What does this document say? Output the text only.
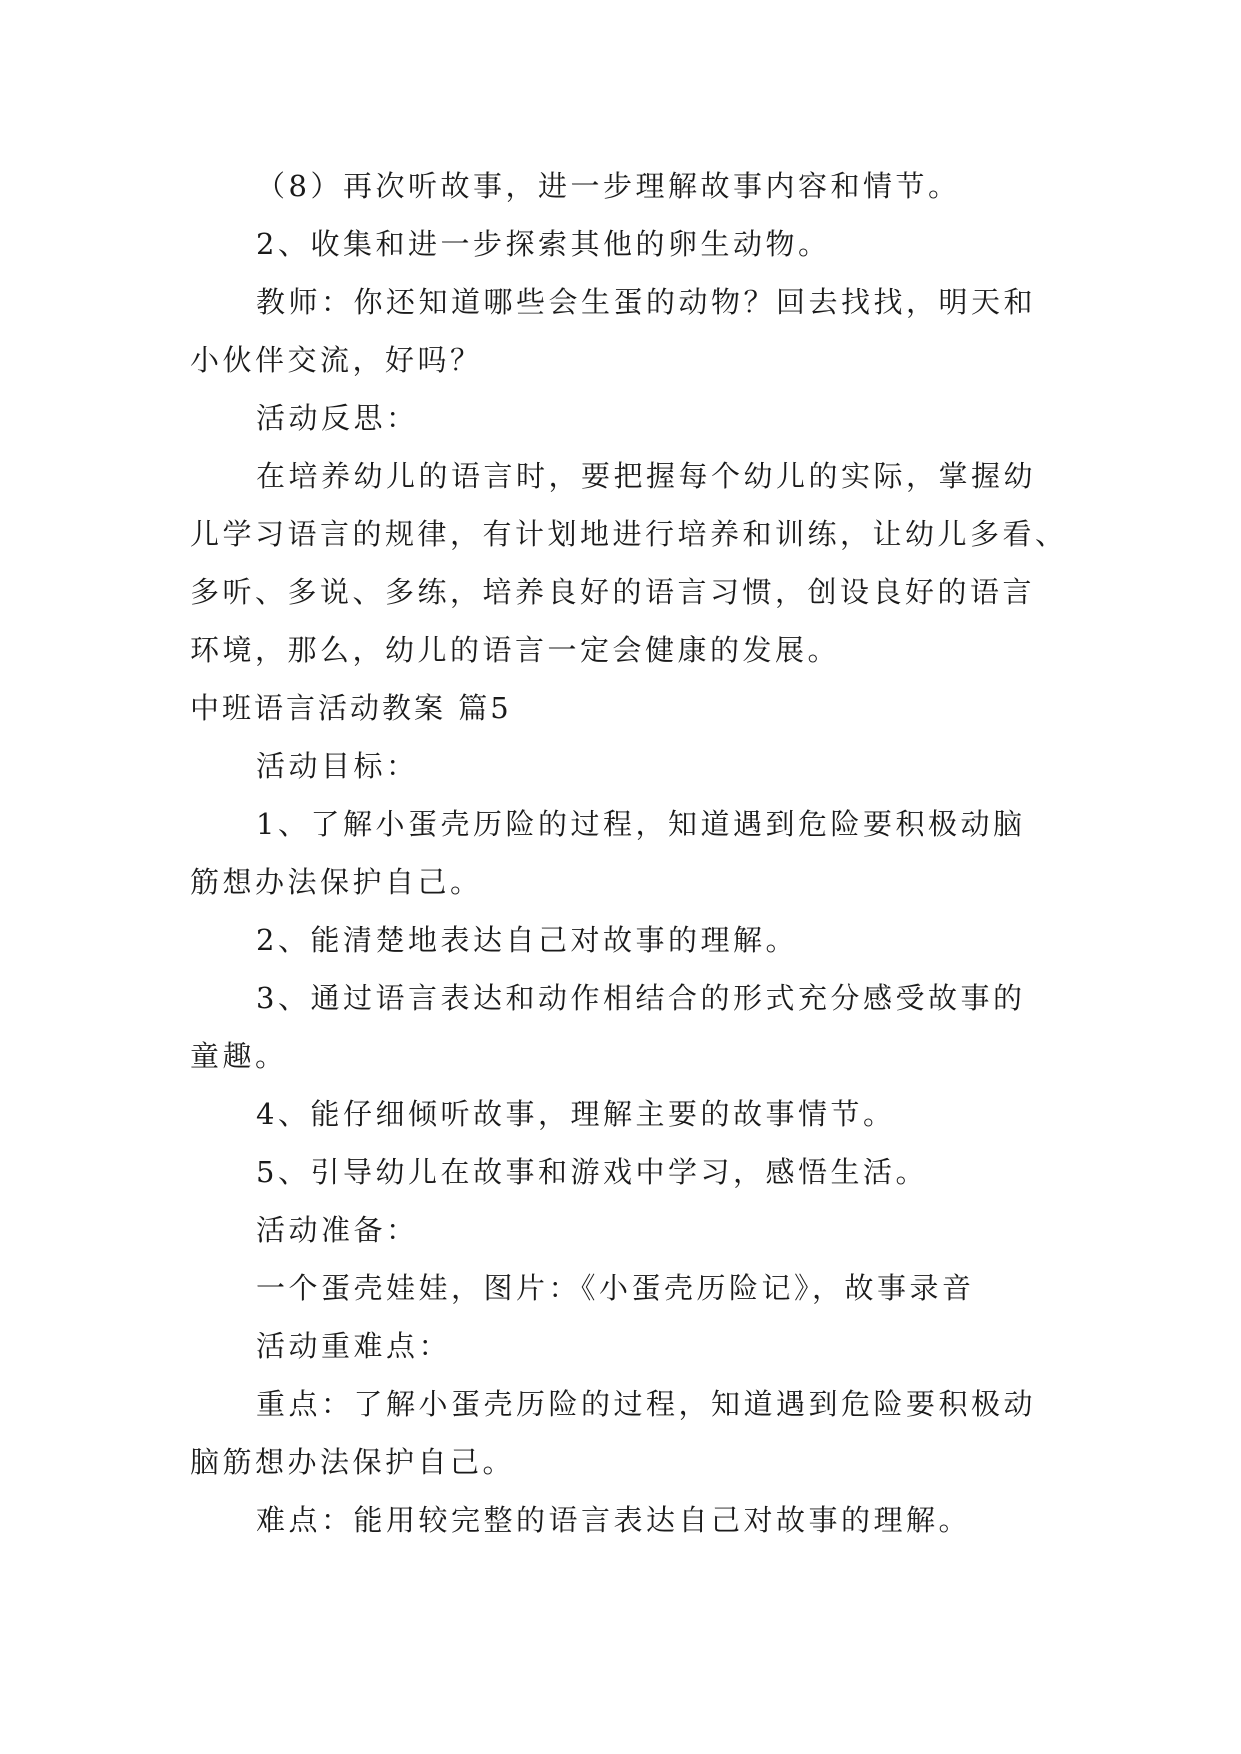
（8）再次听故事，进一步理解故事内容和情节。
2、收集和进一步探索其他的卵生动物。
教师：你还知道哪些会生蛋的动物？回去找找，明天和
小伙伴交流，好吗？
活动反思：
在培养幼儿的语言时，要把握每个幼儿的实际，掌握幼
儿学习语言的规律，有计划地进行培养和训练，让幼儿多看、
多听、多说、多练，培养良好的语言习惯，创设良好的语言
环境，那么，幼儿的语言一定会健康的发展。
中班语言活动教案 篇5
活动目标：
1、了解小蛋壳历险的过程，知道遇到危险要积极动脑
筋想办法保护自己。
2、能清楚地表达自己对故事的理解。
3、通过语言表达和动作相结合的形式充分感受故事的
童趣。
4、能仔细倾听故事，理解主要的故事情节。
5、引导幼儿在故事和游戏中学习，感悟生活。
活动准备：
一个蛋壳娃娃，图片：《小蛋壳历险记》，故事录音
活动重难点：
重点：了解小蛋壳历险的过程，知道遇到危险要积极动
脑筋想办法保护自己。
难点：能用较完整的语言表达自己对故事的理解。
